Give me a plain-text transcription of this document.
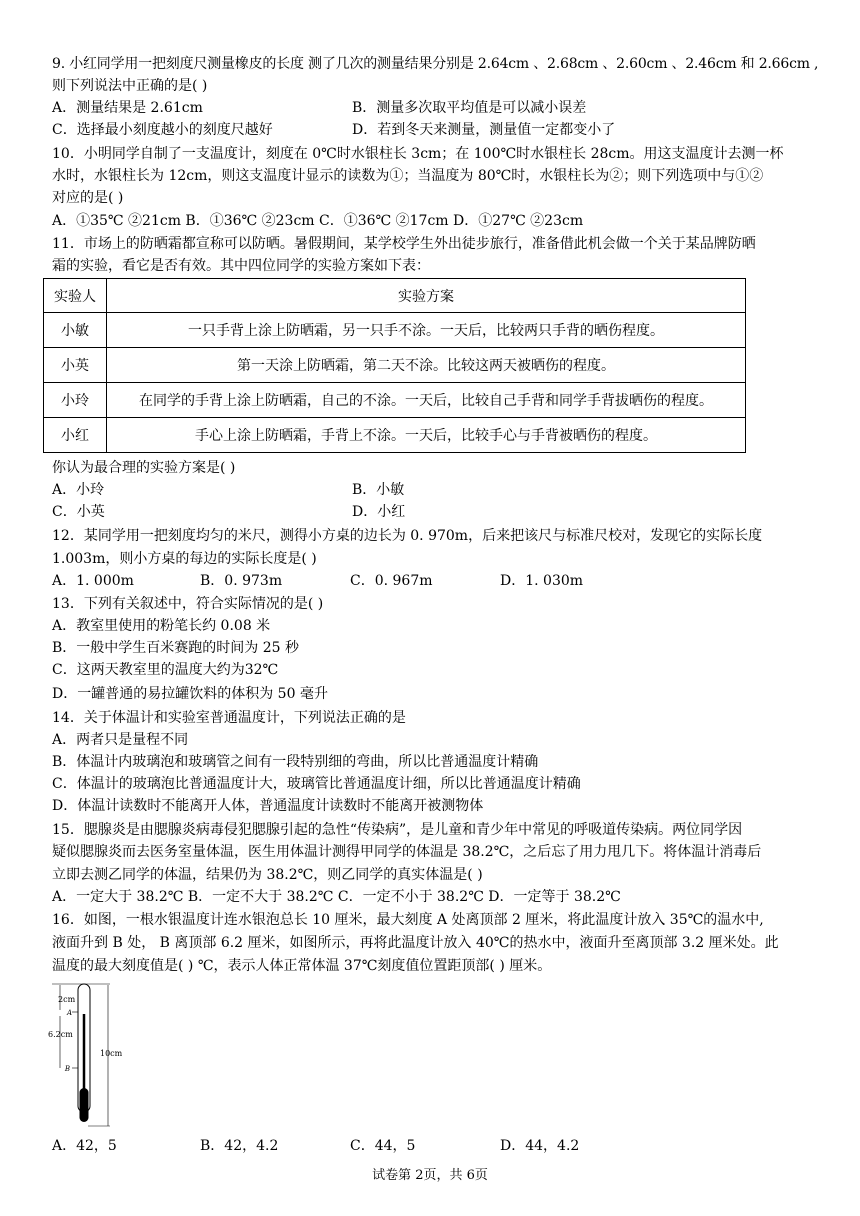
9. 小红同学用一把刻度尺测量橡皮的长度 测了几次的测量结果分别是 2.64cm 、2.68cm 、2.60cm 、2.46cm 和 2.66cm ,
则下列说法中正确的是( )
A．测量结果是 2.61cm	B．测量多次取平均值是可以减小误差
C．选择最小刻度越小的刻度尺越好	D．若到冬天来测量，测量值一定都变小了
10．小明同学自制了一支温度计，刻度在 0℃时水银柱长 3cm；在 100℃时水银柱长 28cm。用这支温度计去测一杯
水时，水银柱长为 12cm，则这支温度计显示的读数为①；当温度为 80℃时，水银柱长为②；则下列选项中与①②
对应的是( )
A．①35℃ ②21cm B．①36℃ ②23cm C．①36℃ ②17cm D．①27℃ ②23cm
11．市场上的防晒霜都宣称可以防晒。暑假期间，某学校学生外出徒步旅行，准备借此机会做一个关于某品牌防晒
霜的实验，看它是否有效。其中四位同学的实验方案如下表：
实验人	实验方案
小敏	一只手背上涂上防晒霜，另一只手不涂。一天后，比较两只手背的晒伤程度。
小英	第一天涂上防晒霜，第二天不涂。比较这两天被晒伤的程度。
小玲	在同学的手背上涂上防晒霜，自己的不涂。一天后，比较自己手背和同学手背拔晒伤的程度。
小红	手心上涂上防晒霜，手背上不涂。一天后，比较手心与手背被晒伤的程度。
你认为最合理的实验方案是( )
A．小玲	B．小敏
C．小英	D．小红
12．某同学用一把刻度均匀的米尺，测得小方桌的边长为 0. 970m，后来把该尺与标准尺校对，发现它的实际长度
1.003m，则小方桌的每边的实际长度是( )
A．1. 000m	B．0. 973m	C．0. 967m	D．1. 030m
13．下列有关叙述中，符合实际情况的是( )
A．教室里使用的粉笔长约 0.08 米
B．一般中学生百米赛跑的时间为 25 秒
C．这两天教室里的温度大约为32℃
D．一罐普通的易拉罐饮料的体积为 50 毫升
14．关于体温计和实验室普通温度计，下列说法正确的是
A．两者只是量程不同
B．体温计内玻璃泡和玻璃管之间有一段特别细的弯曲，所以比普通温度计精确
C．体温计的玻璃泡比普通温度计大，玻璃管比普通温度计细，所以比普通温度计精确
D．体温计读数时不能离开人体，普通温度计读数时不能离开被测物体
15．腮腺炎是由腮腺炎病毒侵犯腮腺引起的急性“传染病”，是儿童和青少年中常见的呼吸道传染病。两位同学因
疑似腮腺炎而去医务室量体温，医生用体温计测得甲同学的体温是 38.2℃，之后忘了用力甩几下。将体温计消毒后
立即去测乙同学的体温，结果仍为 38.2℃，则乙同学的真实体温是( )
A．一定大于 38.2℃ B．一定不大于 38.2℃ C．一定不小于 38.2℃ D．一定等于 38.2℃
16．如图，一根水银温度计连水银泡总长 10 厘米，最大刻度 A 处离顶部 2 厘米，将此温度计放入 35℃的温水中,
液面升到 B 处， B 离顶部 6.2 厘米，如图所示，再将此温度计放入 40℃的热水中，液面升至离顶部 3.2 厘米处。此
温度的最大刻度值是( ) ℃，表示人体正常体温 37℃刻度值位置距顶部( ) 厘米。
2cm
A
6.2cm
B
10cm
A．42，5	B．42，4.2	C．44，5	D．44，4.2
试卷第 2页，共 6页
